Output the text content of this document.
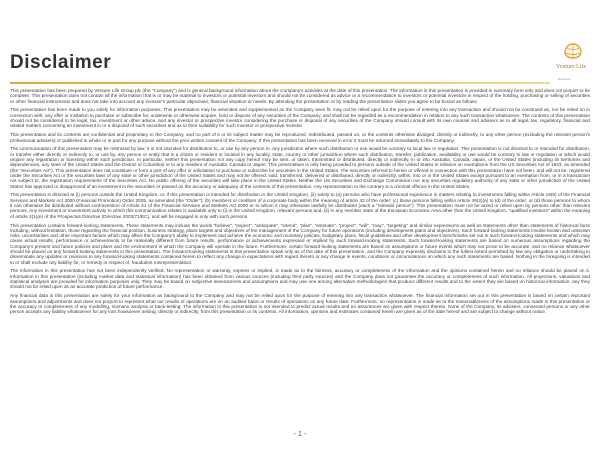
Disclaimer	Venture Life
life science

This presentation has been prepared by Venture Life Group plc (the "Company") and is general background information about the Company's activities at the date of this presentation. The information in this presentation is provided in summary form only and does not purport to be complete. This presentation does not contain all the information that is or may be material to investors or potential investors and should not be considered as advice or a recommendation to investors or potential investors in respect of the holding, purchasing or selling of securities or other financial instruments and does not take into account any investor's particular objectives, financial situation or needs. By attending the presentation or by reading the presentation slides you agree to be bound as follows:

This presentation has been made to you solely for information purposes. This presentation may be amended and supplemented as the Company sees fit, may not be relied upon for the purpose of entering into any transaction and should not be construed as, nor be relied on in connection with, any offer or invitation to purchase or subscribe for, underwrite or otherwise acquire, hold or dispose of any securities of the Company, and shall not be regarded as a recommendation in relation to any such transaction whatsoever. The contents of this presentation should not be considered to be legal, tax, investment or other advice, and any investor or prospective investor considering the purchase or disposal of any securities of the Company should consult with its own counsel and advisers as to all legal, tax, regulatory, financial and related matters concerning an investment in or a disposal of such securities and as to their suitability for such investor or prospective investor.

This presentation and its contents are confidential and proprietary to the Company, and no part of it or its subject matter may be reproduced, redistributed, passed on, or the contents otherwise divulged, directly or indirectly, to any other person (excluding the relevant person's professional advisers) or published in whole or in part for any purpose without the prior written consent of the Company. If this presentation has been received in error it must be returned immediately to the Company.

The communication of this presentation may be restricted by law; it is not intended for distribution to, or use by any person in, any jurisdiction where such distribution or use would be contrary to local law or regulation. This presentation is not directed to or intended for distribution, or transfer either directly or indirectly to, or use by, any person or entity that is a citizen or resident or located in any locality, state, country or other jurisdiction where such distribution, transfer, publication, availability or use would be contrary to law or regulation or which would require any registration or licensing within such jurisdiction. In particular, neither this presentation nor any copy hereof may be sent, or taken, transmitted or distributed, directly or indirectly, in or into Australia, Canada, Japan, or the United States (including its territories and dependencies, any state of the United States and the District of Columbia) or to any resident of Australia, Canada or Japan. This presentation is only being provided to persons outside of the United States in reliance on exemptions from the US Securities Act of 1933, as amended (the "Securities Act"). This presentation does not constitute or form a part of any offer or solicitation to purchase or subscribe for securities in the United States. The securities referred to herein or offered in connection with this presentation have not been, and will not be, registered under the Securities Act or the securities laws of any state or other jurisdiction of the United States and may not be offered, sold, transferred, delivered or distributed, directly or indirectly, within, into or in the United States except pursuant to an exemption from, or in a transaction not subject to, the registration requirements of the Securities Act. No public offering of the securities will take place in the United States. Neither the US Securities and Exchange Commission nor any securities regulatory authority of any state or other jurisdiction of the United States has approved or disapproved of an investment in the securities or passed on the accuracy or adequacy of the contents of this presentation. Any representation to the contrary is a criminal offence in the United States.

This presentation is directed at (i) persons outside the United Kingdom, or, if this presentation is intended for distribution in the United Kingdom, (ii) solely to (a) persons who have professional experience in matters relating to investments falling within Article 19(5) of the Financial Services and Markets Act 2000 (Financial Promotion) Order 2005, as amended (the "Order"); (b) members or creditors of a corporate body within the meaning of article 43 of the order; (c) those persons falling within Article 49(2)(a) to (d) of the order; or (d) those persons to whom it can otherwise be distributed without contravention of Article 21 of the Financial Services and Markets Act 2000 or to whom it may otherwise lawfully be distributed (each a "relevant person"). This presentation must not be acted or relied upon by persons other than relevant persons. Any investment or investment activity to which this communication relates is available only to (i) in the United Kingdom, relevant persons and, (ii) in any member state of the European Economic Area other than the United Kingdom, "qualified investors" within the meaning of article 2(1)(e) of the Prospectus Directive (Directive 2003/71/EC), and will be engaged in only with such persons.

This presentation contains forward-looking statements. These statements may include the words "believe", "expect", "anticipate", "intend", "plan", "estimate", "project", "will", "may", "targeting" and similar expressions as well as statements other than statements of historical facts including, without limitation, those regarding the financial position, business strategy, plans targets and objectives of the management of the Company for future operations (including development plans and objectives). Such forward-looking statements involve known and unknown risks, uncertainties and other important factors which may affect the Company's ability to implement and achieve the economic and monetary policies, budgetary plans, fiscal guidelines and other development benchmarks set out in such forward-looking statements and which may cause actual results, performance or achievements to be materially different from future results, performance or achievements expressed or implied by such forward-looking statements. Such forward-looking statements are based on numerous assumptions regarding the Company's present and future policies and plans and the environment in which the Company will operate in the future. Furthermore, certain forward-looking statements are based on assumptions or future events which may not prove to be accurate, and no reliance whatsoever should be placed on any forward-looking statements in this presentation. The forward-looking statements in this presentation speak only as of the date of this presentation, and the Company expressly disclaims to the fullest extent permitted by law any obligation or undertaking to disseminate any updates or revisions to any forward-looking statements contained herein to reflect any change in expectations with regard thereto or any change in events, conditions or circumstances on which any such statements are based. Nothing in the foregoing is intended to or shall exclude any liability for, or remedy in respect of, fraudulent misrepresentation.

The information in this presentation has not been independently verified. No representation or warranty, express or implied, is made as to the fairness, accuracy or completeness of the information and the opinions contained herein and no reliance should be placed on it. Information in this presentation (including market data and statistical information) has been obtained from various sources (including third party sources) and the Company does not guarantee the accuracy or completeness of such information. All projections, valuations and statistical analyses are provided for information purposes only. They may be based on subjective assessments and assumptions and may use one among alternative methodologies that produce different results and to the extent they are based on historical information, any they should not be relied upon as an accurate prediction of future performance.

Any financial data in this presentation are solely for your information as background to the Company and may not be relied upon for the purpose of entering into any transaction whatsoever. The financial information set out in this presentation is based on certain important assumptions and adjustments and does not purport to represent what our results of operations are on an audited basis or results of operations on any future date. Furthermore, no representation is made as to the reasonableness of the assumptions made in this presentation or the accuracy or completeness of any modelling, scenario analysis or back-testing. The information in this presentation is not intended to predict actual results and no assurances are given with respect thereto. None of the Company, its advisers, connected persons or any other person accepts any liability whatsoever for any loss howsoever arising, directly or indirectly, from this presentation or its contents. All information, opinions and estimates contained herein are given as of the date hereof and are subject to change without notice.

- 1 -
